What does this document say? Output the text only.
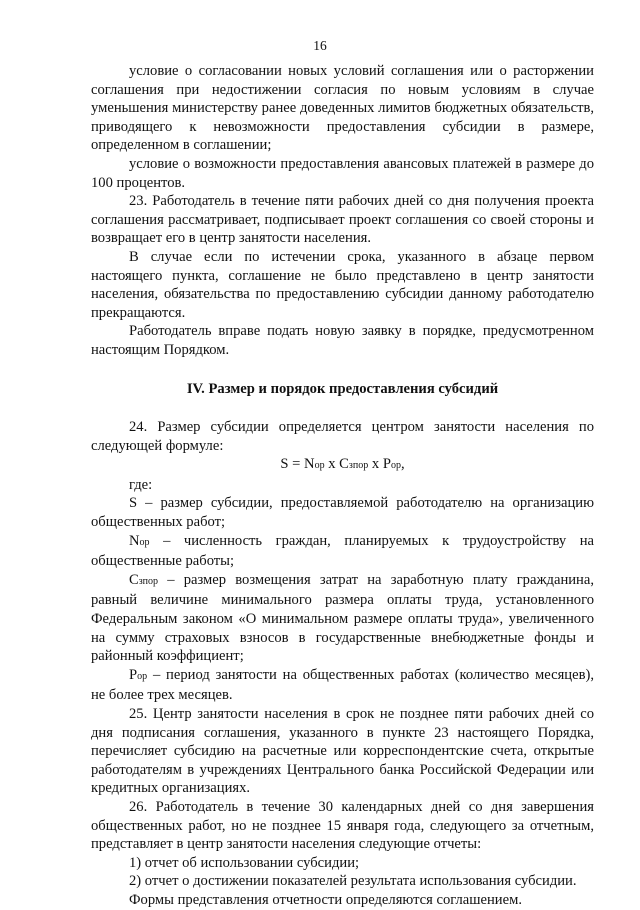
16

условие о согласовании новых условий соглашения или о расторжении соглашения при недостижении согласия по новым условиям в случае уменьшения министерству ранее доведенных лимитов бюджетных обязательств, приводящего к невозможности предоставления субсидии в размере, определенном в соглашении;

условие о возможности предоставления авансовых платежей в размере до 100 процентов.

23. Работодатель в течение пяти рабочих дней со дня получения проекта соглашения рассматривает, подписывает проект соглашения со своей стороны и возвращает его в центр занятости населения.

В случае если по истечении срока, указанного в абзаце первом настоящего пункта, соглашение не было представлено в центр занятости населения, обязательства по предоставлению субсидии данному работодателю прекращаются.

Работодатель вправе подать новую заявку в порядке, предусмотренном настоящим Порядком.

IV. Размер и порядок предоставления субсидий

24. Размер субсидии определяется центром занятости населения по следующей формуле:

S = Nор х Cзпор х Pор,

где:

S – размер субсидии, предоставляемой работодателю на организацию общественных работ;

Nор – численность граждан, планируемых к трудоустройству на общественные работы;

Cзпор – размер возмещения затрат на заработную плату гражданина, равный величине минимального размера оплаты труда, установленного Федеральным законом «О минимальном размере оплаты труда», увеличенного на сумму страховых взносов в государственные внебюджетные фонды и районный коэффициент;

Pор – период занятости на общественных работах (количество месяцев), не более трех месяцев.

25. Центр занятости населения в срок не позднее пяти рабочих дней со дня подписания соглашения, указанного в пункте 23 настоящего Порядка, перечисляет субсидию на расчетные или корреспондентские счета, открытые работодателям в учреждениях Центрального банка Российской Федерации или кредитных организациях.

26. Работодатель в течение 30 календарных дней со дня завершения общественных работ, но не позднее 15 января года, следующего за отчетным, представляет в центр занятости населения следующие отчеты:

1) отчет об использовании субсидии;

2) отчет о достижении показателей результата использования субсидии.

Формы представления отчетности определяются соглашением.
